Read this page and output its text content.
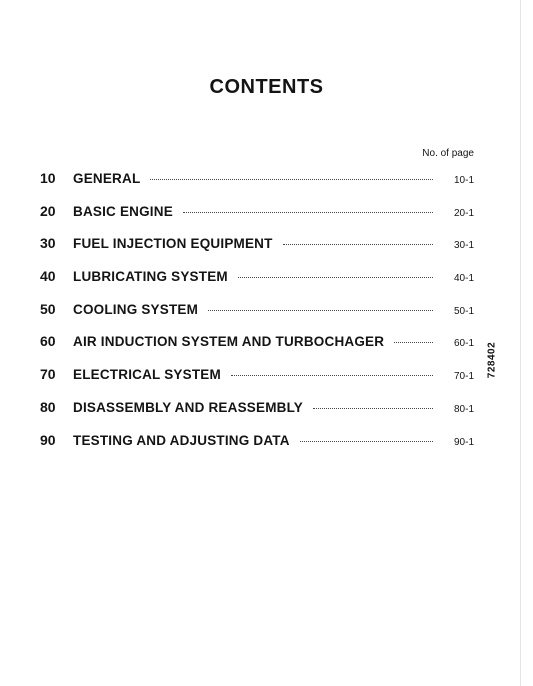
CONTENTS
No. of page
10	GENERAL	10-1
20	BASIC ENGINE	20-1
30	FUEL INJECTION EQUIPMENT	30-1
40	LUBRICATING SYSTEM	40-1
50	COOLING SYSTEM	50-1
60	AIR INDUCTION SYSTEM AND TURBOCHAGER	60-1
70	ELECTRICAL SYSTEM	70-1
80	DISASSEMBLY AND REASSEMBLY	80-1
90	TESTING AND ADJUSTING DATA	90-1
728402
